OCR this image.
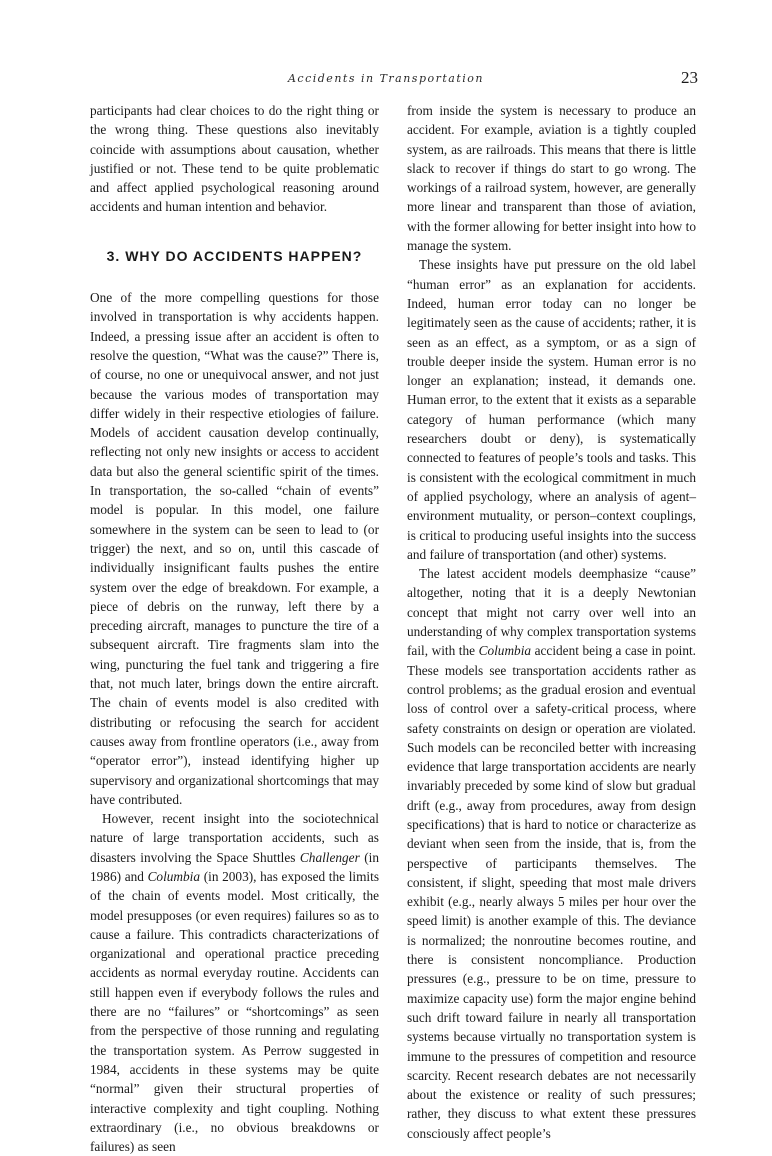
Accidents in Transportation	23

participants had clear choices to do the right thing or the wrong thing. These questions also inevitably coincide with assumptions about causation, whether justified or not. These tend to be quite problematic and affect applied psychological reasoning around accidents and human intention and behavior.

3. WHY DO ACCIDENTS HAPPEN?

One of the more compelling questions for those involved in transportation is why accidents happen. Indeed, a pressing issue after an accident is often to resolve the question, “What was the cause?” There is, of course, no one or unequivocal answer, and not just because the various modes of transportation may differ widely in their respective etiologies of failure. Models of accident causation develop continually, reflecting not only new insights or access to accident data but also the general scientific spirit of the times. In transportation, the so-called “chain of events” model is popular. In this model, one failure somewhere in the system can be seen to lead to (or trigger) the next, and so on, until this cascade of individually insignificant faults pushes the entire system over the edge of breakdown. For example, a piece of debris on the runway, left there by a preceding aircraft, manages to puncture the tire of a subsequent aircraft. Tire fragments slam into the wing, puncturing the fuel tank and triggering a fire that, not much later, brings down the entire aircraft. The chain of events model is also credited with distributing or refocusing the search for accident causes away from frontline operators (i.e., away from “operator error”), instead identifying higher up supervisory and organizational shortcomings that may have contributed.

However, recent insight into the sociotechnical nature of large transportation accidents, such as disasters involving the Space Shuttles Challenger (in 1986) and Columbia (in 2003), has exposed the limits of the chain of events model. Most critically, the model presupposes (or even requires) failures so as to cause a failure. This contradicts characterizations of organizational and operational practice preceding accidents as normal everyday routine. Accidents can still happen even if everybody follows the rules and there are no “failures” or “shortcomings” as seen from the perspective of those running and regulating the transportation system. As Perrow suggested in 1984, accidents in these systems may be quite “normal” given their structural properties of interactive complexity and tight coupling. Nothing extraordinary (i.e., no obvious breakdowns or failures) as seen

from inside the system is necessary to produce an accident. For example, aviation is a tightly coupled system, as are railroads. This means that there is little slack to recover if things do start to go wrong. The workings of a railroad system, however, are generally more linear and transparent than those of aviation, with the former allowing for better insight into how to manage the system.

These insights have put pressure on the old label “human error” as an explanation for accidents. Indeed, human error today can no longer be legitimately seen as the cause of accidents; rather, it is seen as an effect, as a symptom, or as a sign of trouble deeper inside the system. Human error is no longer an explanation; instead, it demands one. Human error, to the extent that it exists as a separable category of human performance (which many researchers doubt or deny), is systematically connected to features of people’s tools and tasks. This is consistent with the ecological commitment in much of applied psychology, where an analysis of agent–environment mutuality, or person–context couplings, is critical to producing useful insights into the success and failure of transportation (and other) systems.

The latest accident models deemphasize “cause” altogether, noting that it is a deeply Newtonian concept that might not carry over well into an understanding of why complex transportation systems fail, with the Columbia accident being a case in point. These models see transportation accidents rather as control problems; as the gradual erosion and eventual loss of control over a safety-critical process, where safety constraints on design or operation are violated. Such models can be reconciled better with increasing evidence that large transportation accidents are nearly invariably preceded by some kind of slow but gradual drift (e.g., away from procedures, away from design specifications) that is hard to notice or characterize as deviant when seen from the inside, that is, from the perspective of participants themselves. The consistent, if slight, speeding that most male drivers exhibit (e.g., nearly always 5 miles per hour over the speed limit) is another example of this. The deviance is normalized; the nonroutine becomes routine, and there is consistent noncompliance. Production pressures (e.g., pressure to be on time, pressure to maximize capacity use) form the major engine behind such drift toward failure in nearly all transportation systems because virtually no transportation system is immune to the pressures of competition and resource scarcity. Recent research debates are not necessarily about the existence or reality of such pressures; rather, they discuss to what extent these pressures consciously affect people’s
